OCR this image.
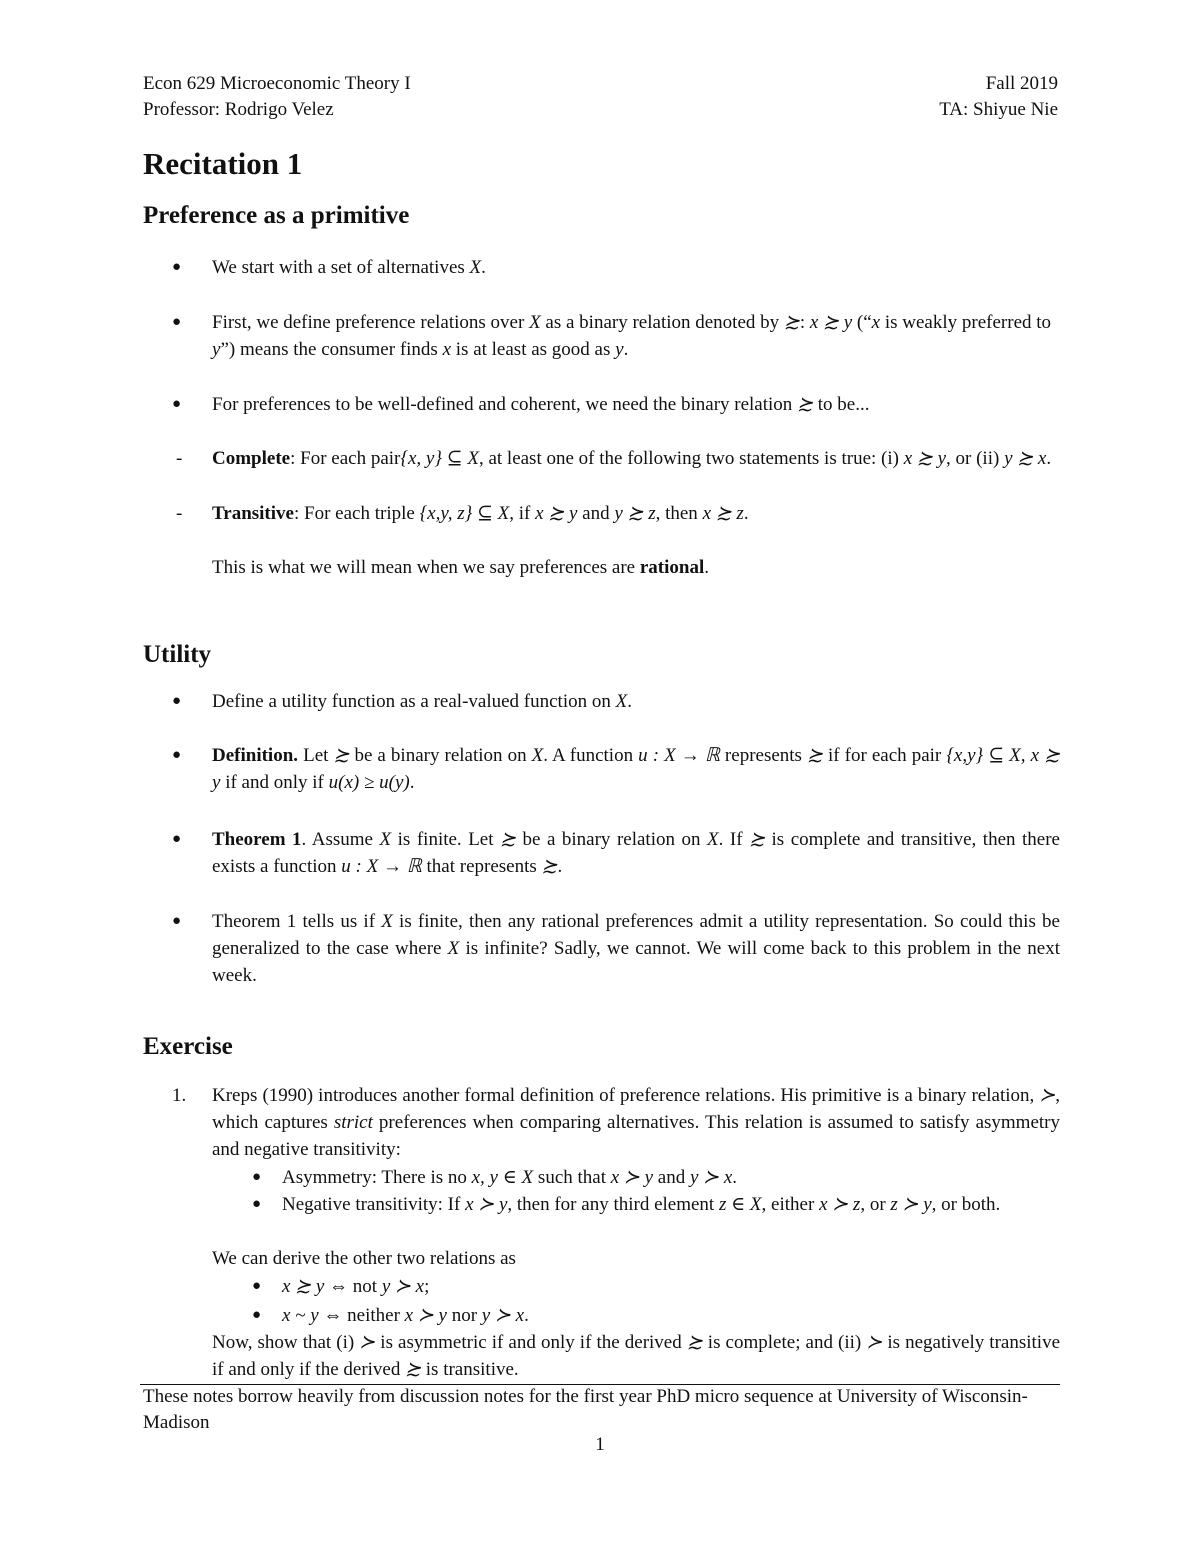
Econ 629 Microeconomic Theory I	Fall 2019
Professor: Rodrigo Velez	TA: Shiyue Nie
Recitation 1
Preference as a primitive
● We start with a set of alternatives X.
● First, we define preference relations over X as a binary relation denoted by ≿: x ≿ y (“x is weakly preferred to y”) means the consumer finds x is at least as good as y.
● For preferences to be well-defined and coherent, we need the binary relation ≿ to be...
- Complete: For each pair{x, y} ⊆ X, at least one of the following two statements is true: (i) x ≿ y, or (ii) y ≿ x.
- Transitive: For each triple {x,y, z} ⊆ X, if x ≿ y and y ≿ z, then x ≿ z.
This is what we will mean when we say preferences are rational.
Utility
● Define a utility function as a real-valued function on X.
● Definition. Let ≿ be a binary relation on X. A function u : X → ℝ represents ≿ if for each pair {x,y} ⊆ X, x ≿ y if and only if u(x) ≥ u(y).
● Theorem 1. Assume X is finite. Let ≿ be a binary relation on X. If ≿ is complete and transitive, then there exists a function u : X → ℝ that represents ≿.
● Theorem 1 tells us if X is finite, then any rational preferences admit a utility representation. So could this be generalized to the case where X is infinite? Sadly, we cannot. We will come back to this problem in the next week.
Exercise
1. Kreps (1990) introduces another formal definition of preference relations. His primitive is a binary relation, ≻, which captures strict preferences when comparing alternatives. This relation is assumed to satisfy asymmetry and negative transitivity:
● Asymmetry: There is no x, y ∈ X such that x ≻ y and y ≻ x.
● Negative transitivity: If x ≻ y, then for any third element z ∈ X, either x ≻ z, or z ≻ y, or both.
We can derive the other two relations as
● x ≿ y ⇔ not y ≻ x;
● x ~ y ⇔ neither x ≻ y nor y ≻ x.
Now, show that (i) ≻ is asymmetric if and only if the derived ≿ is complete; and (ii) ≻ is negatively transitive if and only if the derived ≿ is transitive.
These notes borrow heavily from discussion notes for the first year PhD micro sequence at University of Wisconsin-Madison
1
